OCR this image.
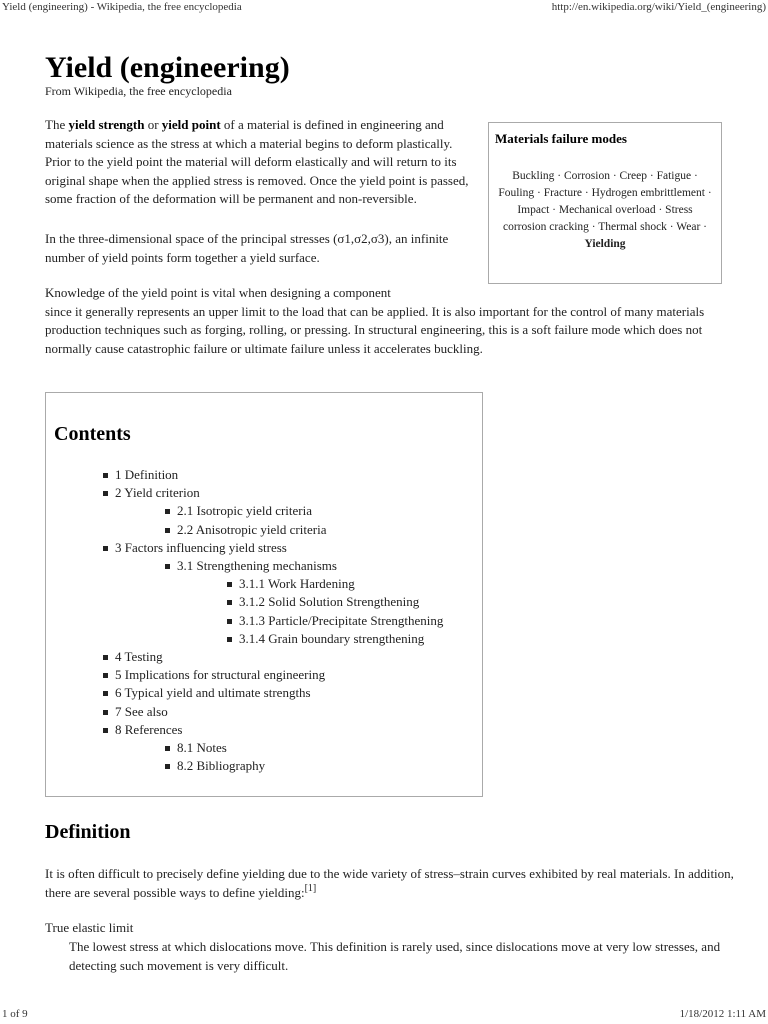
Yield (engineering) - Wikipedia, the free encyclopedia	http://en.wikipedia.org/wiki/Yield_(engineering)
Yield (engineering)
From Wikipedia, the free encyclopedia
The yield strength or yield point of a material is defined in engineering and materials science as the stress at which a material begins to deform plastically. Prior to the yield point the material will deform elastically and will return to its original shape when the applied stress is removed. Once the yield point is passed, some fraction of the deformation will be permanent and non-reversible.
In the three-dimensional space of the principal stresses (σ1,σ2,σ3), an infinite number of yield points form together a yield surface.
Knowledge of the yield point is vital when designing a component
since it generally represents an upper limit to the load that can be applied. It is also important for the control of many materials production techniques such as forging, rolling, or pressing. In structural engineering, this is a soft failure mode which does not normally cause catastrophic failure or ultimate failure unless it accelerates buckling.
Materials failure modes
Buckling · Corrosion · Creep · Fatigue · Fouling · Fracture · Hydrogen embrittlement · Impact · Mechanical overload · Stress corrosion cracking · Thermal shock · Wear · Yielding
Contents
1 Definition
2 Yield criterion
2.1 Isotropic yield criteria
2.2 Anisotropic yield criteria
3 Factors influencing yield stress
3.1 Strengthening mechanisms
3.1.1 Work Hardening
3.1.2 Solid Solution Strengthening
3.1.3 Particle/Precipitate Strengthening
3.1.4 Grain boundary strengthening
4 Testing
5 Implications for structural engineering
6 Typical yield and ultimate strengths
7 See also
8 References
8.1 Notes
8.2 Bibliography
Definition
It is often difficult to precisely define yielding due to the wide variety of stress–strain curves exhibited by real materials. In addition, there are several possible ways to define yielding:[1]
True elastic limit
The lowest stress at which dislocations move. This definition is rarely used, since dislocations move at very low stresses, and detecting such movement is very difficult.
1 of 9	1/18/2012 1:11 AM
